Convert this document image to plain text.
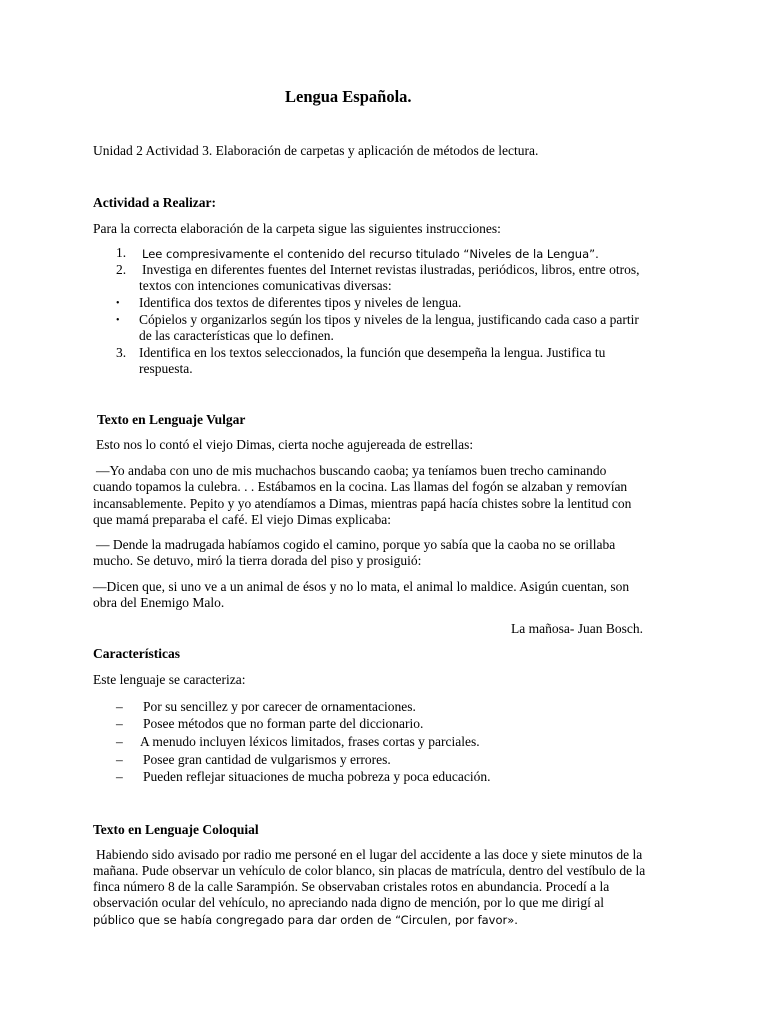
Lengua Española.
Unidad 2 Actividad 3. Elaboración de carpetas y aplicación de métodos de lectura.
Actividad a Realizar:
Para la correcta elaboración de la carpeta sigue las siguientes instrucciones:
1. Lee compresivamente el contenido del recurso titulado “Niveles de la Lengua”.
2. Investiga en diferentes fuentes del Internet revistas ilustradas, periódicos, libros, entre otros,
textos con intenciones comunicativas diversas:
• Identifica dos textos de diferentes tipos y niveles de lengua.
• Cópielos y organizarlos según los tipos y niveles de la lengua, justificando cada caso a partir
de las características que lo definen.
3. Identifica en los textos seleccionados, la función que desempeña la lengua. Justifica tu
respuesta.
Texto en Lenguaje Vulgar
Esto nos lo contó el viejo Dimas, cierta noche agujereada de estrellas:
—Yo andaba con uno de mis muchachos buscando caoba; ya teníamos buen trecho caminando
cuando topamos la culebra. . . Estábamos en la cocina. Las llamas del fogón se alzaban y removían
incansablemente. Pepito y yo atendíamos a Dimas, mientras papá hacía chistes sobre la lentitud con
que mamá preparaba el café. El viejo Dimas explicaba:
— Dende la madrugada habíamos cogido el camino, porque yo sabía que la caoba no se orillaba
mucho. Se detuvo, miró la tierra dorada del piso y prosiguió:
—Dicen que, si uno ve a un animal de ésos y no lo mata, el animal lo maldice. Asigún cuentan, son
obra del Enemigo Malo.
La mañosa- Juan Bosch.
Características
Este lenguaje se caracteriza:
– Por su sencillez y por carecer de ornamentaciones.
– Posee métodos que no forman parte del diccionario.
– A menudo incluyen léxicos limitados, frases cortas y parciales.
– Posee gran cantidad de vulgarismos y errores.
– Pueden reflejar situaciones de mucha pobreza y poca educación.
Texto en Lenguaje Coloquial
Habiendo sido avisado por radio me personé en el lugar del accidente a las doce y siete minutos de la
mañana. Pude observar un vehículo de color blanco, sin placas de matrícula, dentro del vestíbulo de la
finca número 8 de la calle Sarampión. Se observaban cristales rotos en abundancia. Procedí a la
observación ocular del vehículo, no apreciando nada digno de mención, por lo que me dirigí al
público que se había congregado para dar orden de “Circulen, por favor».
